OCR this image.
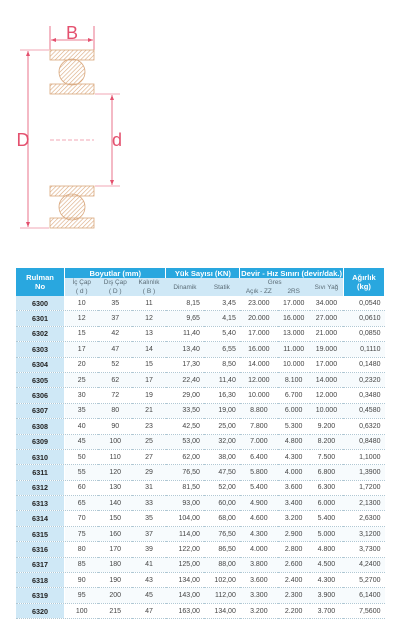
B
D	d
Rulman
No	Boyutlar (mm)			Yük Sayısı (KN)		Devir - Hız Sınırı (devir/dak.)			Ağırlık
(kg)
	İç Çap	Dış Çap	Kalınlık	Dinamik	Statik	Gres		Sıvı Yağ	
	( d )	( D )	( B )			Açık - ZZ	2RS		
6300	10	35	11	8,15	3,45	23.000	17.000	34.000	0,0540
6301	12	37	12	9,65	4,15	20.000	16.000	27.000	0,0610
6302	15	42	13	11,40	5,40	17.000	13.000	21.000	0,0850
6303	17	47	14	13,40	6,55	16.000	11.000	19.000	0,1110
6304	20	52	15	17,30	8,50	14.000	10.000	17.000	0,1480
6305	25	62	17	22,40	11,40	12.000	8.100	14.000	0,2320
6306	30	72	19	29,00	16,30	10.000	6.700	12.000	0,3480
6307	35	80	21	33,50	19,00	8.800	6.000	10.000	0,4580
6308	40	90	23	42,50	25,00	7.800	5.300	9.200	0,6320
6309	45	100	25	53,00	32,00	7.000	4.800	8.200	0,8480
6310	50	110	27	62,00	38,00	6.400	4.300	7.500	1,1000
6311	55	120	29	76,50	47,50	5.800	4.000	6.800	1,3900
6312	60	130	31	81,50	52,00	5.400	3.600	6.300	1,7200
6313	65	140	33	93,00	60,00	4.900	3.400	6.000	2,1300
6314	70	150	35	104,00	68,00	4.600	3.200	5.400	2,6300
6315	75	160	37	114,00	76,50	4.300	2.900	5.000	3,1200
6316	80	170	39	122,00	86,50	4.000	2.800	4.800	3,7300
6317	85	180	41	125,00	88,00	3.800	2.600	4.500	4,2400
6318	90	190	43	134,00	102,00	3.600	2.400	4.300	5,2700
6319	95	200	45	143,00	112,00	3.300	2.300	3.900	6,1400
6320	100	215	47	163,00	134,00	3.200	2.200	3.700	7,5600
